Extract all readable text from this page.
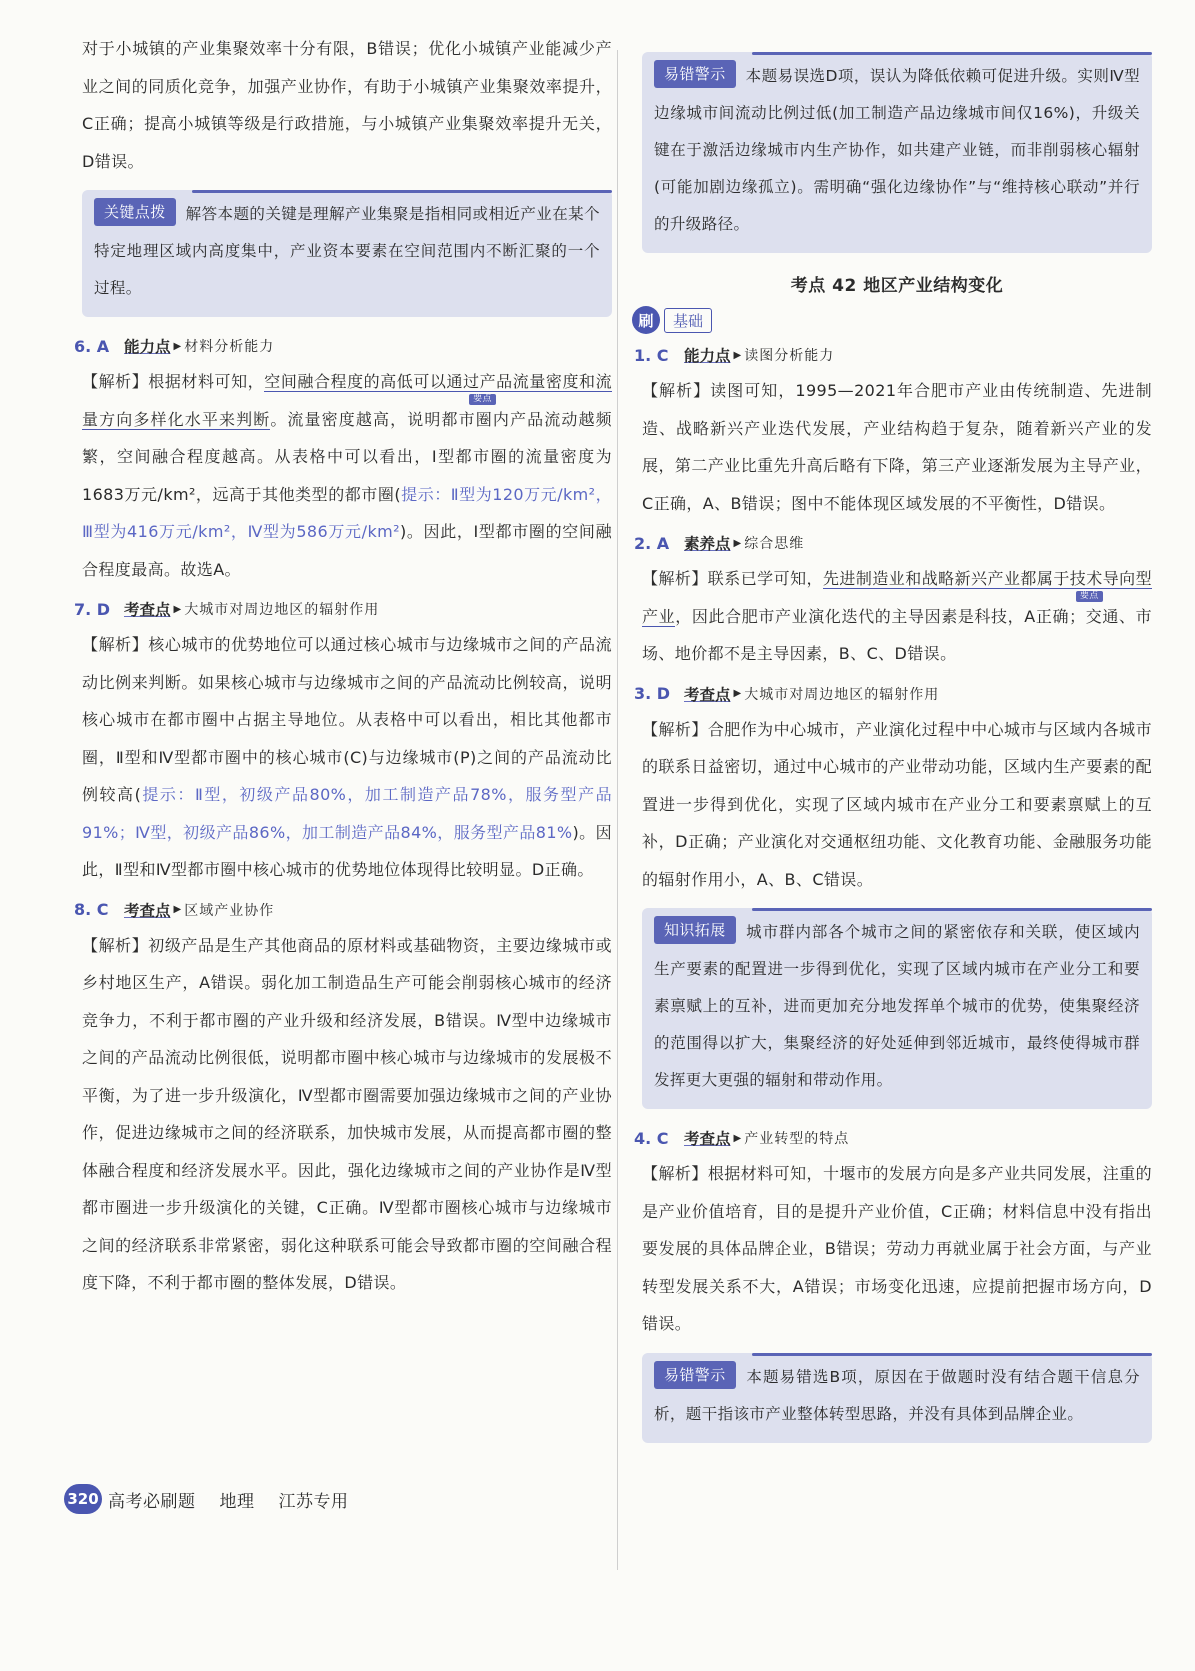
对于小城镇的产业集聚效率十分有限，B错误；优化小城镇产业能减少产业之间的同质化竞争，加强产业协作，有助于小城镇产业集聚效率提升，C正确；提高小城镇等级是行政措施，与小城镇产业集聚效率提升无关，D错误。

关键点拨 解答本题的关键是理解产业集聚是指相同或相近产业在某个特定地理区域内高度集中，产业资本要素在空间范围内不断汇聚的一个过程。

6. A 能力点 ▶ 材料分析能力

【解析】根据材料可知，空间融合程度的高低可以通过产品流量
要点
密度和流量方向多样化水平来判断。流量密度越高，说明都市圈内产品流动越频繁，空间融合程度越高。从表格中可以看出，Ⅰ型都市圈的流量密度为1683万元/km²，远高于其他类型的都市圈(提示：Ⅱ型为120万元/km²，Ⅲ型为416万元/km²，Ⅳ型为586万元/km²)。因此，Ⅰ型都市圈的空间融合程度最高。故选A。

7. D 考查点 ▶ 大城市对周边地区的辐射作用

【解析】核心城市的优势地位可以通过核心城市与边缘城市之间的产品流动比例来判断。如果核心城市与边缘城市之间的产品流动比例较高，说明核心城市在都市圈中占据主导地位。从表格中可以看出，相比其他都市圈，Ⅱ型和Ⅳ型都市圈中的核心城市(C)与边缘城市(P)之间的产品流动比例较高(提示：Ⅱ型，初级产品80%，加工制造产品78%，服务型产品91%；Ⅳ型，初级产品86%，加工制造产品84%，服务型产品81%)。因此，Ⅱ型和Ⅳ型都市圈中核心城市的优势地位体现得比较明显。D正确。

8. C 考查点 ▶ 区域产业协作

【解析】初级产品是生产其他商品的原材料或基础物资，主要边缘城市或乡村地区生产，A错误。弱化加工制造品生产可能会削弱核心城市的经济竞争力，不利于都市圈的产业升级和经济发展，B错误。Ⅳ型中边缘城市之间的产品流动比例很低，说明都市圈中核心城市与边缘城市的发展极不平衡，为了进一步升级演化，Ⅳ型都市圈需要加强边缘城市之间的产业协作，促进边缘城市之间的经济联系，加快城市发展，从而提高都市圈的整体融合程度和经济发展水平。因此，强化边缘城市之间的产业协作是Ⅳ型都市圈进一步升级演化的关键，C正确。Ⅳ型都市圈核心城市与边缘城市之间的经济联系非常紧密，弱化这种联系可能会导致都市圈的空间融合程度下降，不利于都市圈的整体发展，D错误。

易错警示 本题易误选D项，误认为降低依赖可促进升级。实则Ⅳ型边缘城市间流动比例过低(加工制造产品边缘城市间仅16%)，升级关键在于激活边缘城市内生产协作，如共建产业链，而非削弱核心辐射(可能加剧边缘孤立)。需明确“强化边缘协作”与“维持核心联动”并行的升级路径。

考点 42 地区产业结构变化
刷	基础
1. C 能力点 ▶ 读图分析能力

【解析】读图可知，1995—2021年合肥市产业由传统制造、先进制造、战略新兴产业迭代发展，产业结构趋于复杂，随着新兴产业的发展，第二产业比重先升高后略有下降，第三产业逐渐发展为主导产业，C正确，A、B错误；图中不能体现区域发展的不平衡性，D错误。

2. A 素养点 ▶ 综合思维

【解析】联系已学可知，先进制造业和战略新兴产业都属于技术
要点
导向型产业，因此合肥市产业演化迭代的主导因素是科技，A正确；交通、市场、地价都不是主导因素，B、C、D错误。

3. D 考查点 ▶ 大城市对周边地区的辐射作用

【解析】合肥作为中心城市，产业演化过程中中心城市与区域内各城市的联系日益密切，通过中心城市的产业带动功能，区域内生产要素的配置进一步得到优化，实现了区域内城市在产业分工和要素禀赋上的互补，D正确；产业演化对交通枢纽功能、文化教育功能、金融服务功能的辐射作用小，A、B、C错误。

知识拓展 城市群内部各个城市之间的紧密依存和关联，使区域内生产要素的配置进一步得到优化，实现了区域内城市在产业分工和要素禀赋上的互补，进而更加充分地发挥单个城市的优势，使集聚经济的范围得以扩大，集聚经济的好处延伸到邻近城市，最终使得城市群发挥更大更强的辐射和带动作用。

4. C 考查点 ▶ 产业转型的特点

【解析】根据材料可知，十堰市的发展方向是多产业共同发展，注重的是产业价值培育，目的是提升产业价值，C正确；材料信息中没有指出要发展的具体品牌企业，B错误；劳动力再就业属于社会方面，与产业转型发展关系不大，A错误；市场变化迅速，应提前把握市场方向，D错误。

易错警示 本题易错选B项，原因在于做题时没有结合题干信息分析，题干指该市产业整体转型思路，并没有具体到品牌企业。

320 高考必刷题 地理 江苏专用
